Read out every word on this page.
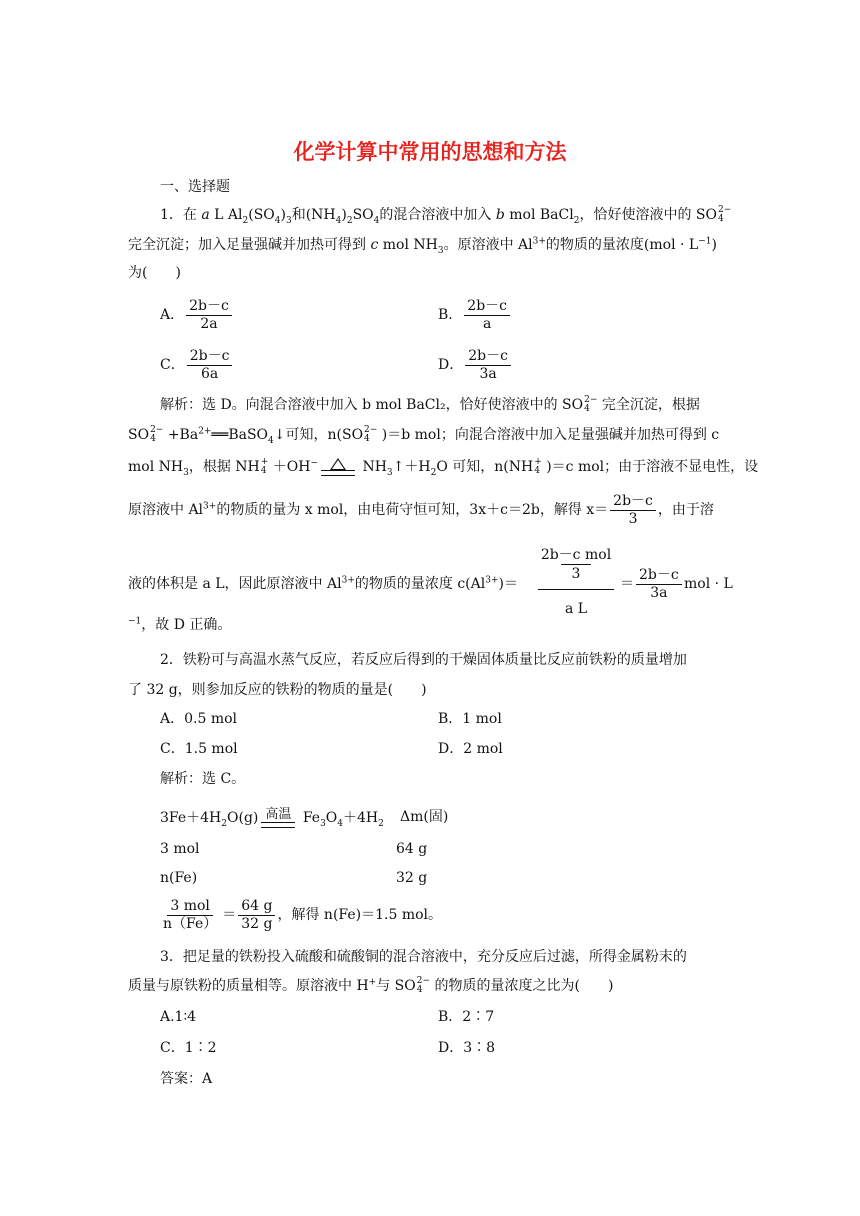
化学计算中常用的思想和方法
一、选择题
1．在 a L $Al_2(SO_4)_3$和$(NH_4)_2SO_4$的混合溶液中加入 b mol BaCl$_2$，恰好使溶液中的 SO 2−
4
完全沉淀；加入足量强碱并加热可得到 c mol $NH_3$。原溶液中 $Al^{3+}$的物质的量浓度$(mol \cdot L^{-1})$
为(　　)
A． $\frac{2b-c}{2a}$	B． $\frac{2b-c}{a}$
C． $\frac{2b-c}{6a}$	D． $\frac{2b-c}{3a}$
解析：选 D。向混合溶液中加入 b mol BaCl₂，恰好使溶液中的 SO 2−
4 完全沉淀，根据
SO 2−
$4 +Ba^{2+}══BaSO_4↓$可知，n(SO 2−
4 )＝b mol；向混合溶液中加入足量强碱并加热可得到 c
mol $NH_3$，根据 NH +
4 ＋OH−	$NH_3↑+H_2O$ 可知，n(NH +
4 )＝c mol；由于溶液不显电性，设
原溶液中 $Al^{3+}$的物质的量为 x mol，由电荷守恒可知，3x＋c＝2b，解得 $x= \frac{2b-c}{3}$ ，由于溶
液的体积是 a L，因此原溶液中 $Al^{3+}$的物质的量浓度 $c(Al^{3+})=$
2b－c mol
3
a L
＝ $\frac{2b-c}{3a}$ mol · L
$^{-1}$，故 D 正确。
2．铁粉可与高温水蒸气反应，若反应后得到的干燥固体质量比反应前铁粉的质量增加
了 32 g，则参加反应的铁粉的物质的量是(　　)
A．0.5 mol	B．1 mol
C．1.5 mol	D．2 mol
解析：选 C。
$3Fe+4H_2O(g)$ 高温 $Fe_3O_4+4H_2$ Δm(固)
3 mol	64 g
n(Fe)	32 g
$\frac{\text{3 mol}}{n(Fe)} = \frac{64 g}{32 g}$ ，解得 n(Fe)＝1.5 mol。
3．把足量的铁粉投入硫酸和硫酸铜的混合溶液中，充分反应后过滤，所得金属粉末的
质量与原铁粉的质量相等。原溶液中 H+与 SO 2−
4 的物质的量浓度之比为(　　)
A.1∶4	B．2∶7
C．1∶2	D．3∶8
答案：A
